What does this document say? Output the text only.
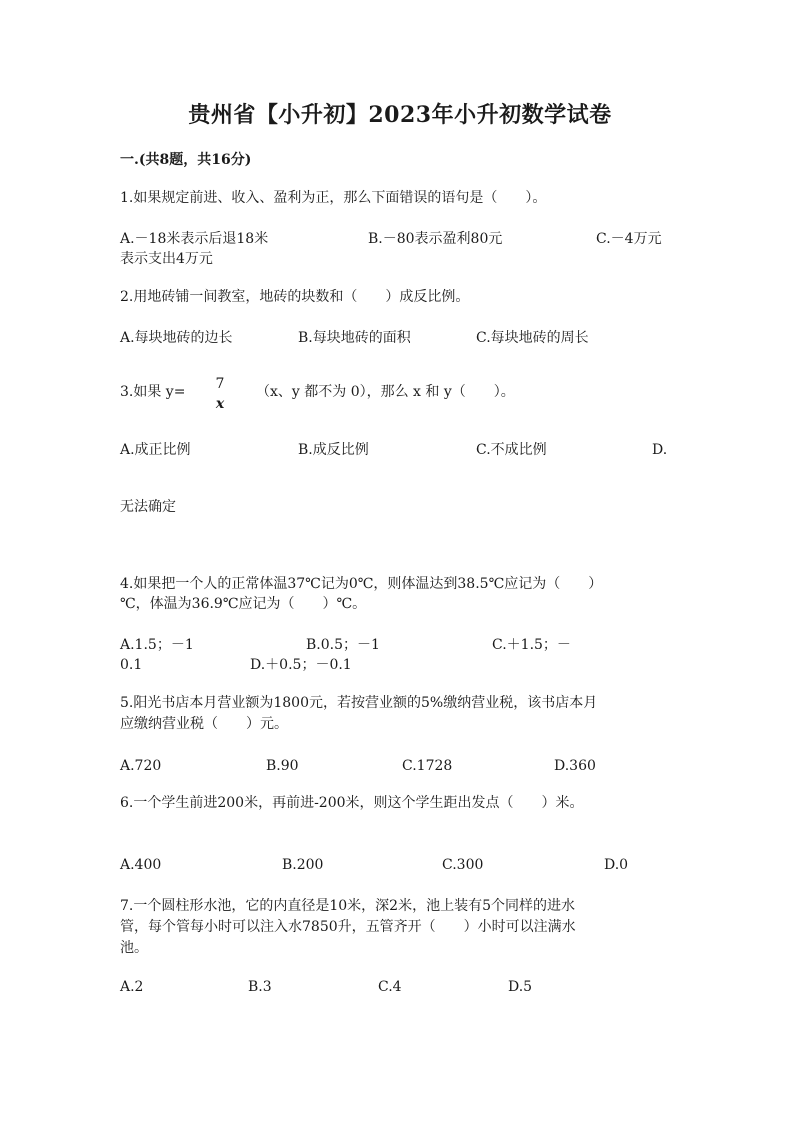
贵州省【小升初】2023年小升初数学试卷
一.(共8题，共16分)
1.如果规定前进、收入、盈利为正，那么下面错误的语句是（　　）。
A.－18米表示后退18米	B.－80表示盈利80元	C.－4万元
表示支出4万元
2.用地砖铺一间教室，地砖的块数和（　　）成反比例。
A.每块地砖的边长	B.每块地砖的面积	C.每块地砖的周长
3.如果 y= 7
x
（x、y 都不为 0），那么 x 和 y（　　）。
A.成正比例	B.成反比例	C.不成比例	D.
无法确定
4.如果把一个人的正常体温37℃记为0℃，则体温达到38.5℃应记为（　　）
℃，体温为36.9℃应记为（　　）℃。
A.1.5；－1	B.0.5；－1	C.＋1.5；－
0.1	D.＋0.5；－0.1
5.阳光书店本月营业额为1800元，若按营业额的5%缴纳营业税，该书店本月
应缴纳营业税（　　）元。
A.720	B.90	C.1728	D.360
6.一个学生前进200米，再前进-200米，则这个学生距出发点（　　）米。
A.400	B.200	C.300	D.0
7.一个圆柱形水池，它的内直径是10米，深2米，池上装有5个同样的进水
管，每个管每小时可以注入水7850升，五管齐开（　　）小时可以注满水
池。
A.2	B.3	C.4	D.5
